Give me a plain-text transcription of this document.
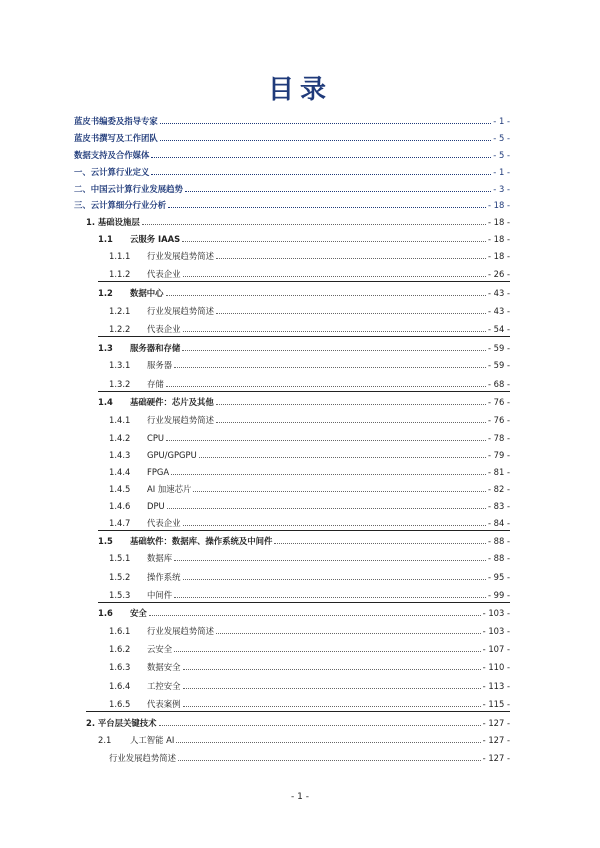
目录
蓝皮书编委及指导专家	- 1 -
蓝皮书撰写及工作团队	- 5 -
数据支持及合作媒体	- 5 -
一、云计算行业定义	- 1 -
二、中国云计算行业发展趋势	- 3 -
三、云计算细分行业分析	- 18 -
1. 基础设施层	- 18 -
1.1	云服务 IAAS	- 18 -
1.1.1	行业发展趋势简述	- 18 -
1.1.2	代表企业	- 26 -
1.2	数据中心	- 43 -
1.2.1	行业发展趋势简述	- 43 -
1.2.2	代表企业	- 54 -
1.3	服务器和存储	- 59 -
1.3.1	服务器	- 59 -
1.3.2	存储	- 68 -
1.4	基础硬件：芯片及其他	- 76 -
1.4.1	行业发展趋势简述	- 76 -
1.4.2	CPU	- 78 -
1.4.3	GPU/GPGPU	- 79 -
1.4.4	FPGA	- 81 -
1.4.5	AI 加速芯片	- 82 -
1.4.6	DPU	- 83 -
1.4.7	代表企业	- 84 -
1.5	基础软件：数据库、操作系统及中间件	- 88 -
1.5.1	数据库	- 88 -
1.5.2	操作系统	- 95 -
1.5.3	中间件	- 99 -
1.6	安全	- 103 -
1.6.1	行业发展趋势简述	- 103 -
1.6.2	云安全	- 107 -
1.6.3	数据安全	- 110 -
1.6.4	工控安全	- 113 -
1.6.5	代表案例	- 115 -
2. 平台层关键技术	- 127 -
2.1	人工智能 AI	- 127 -
行业发展趋势简述	- 127 -
- 1 -
